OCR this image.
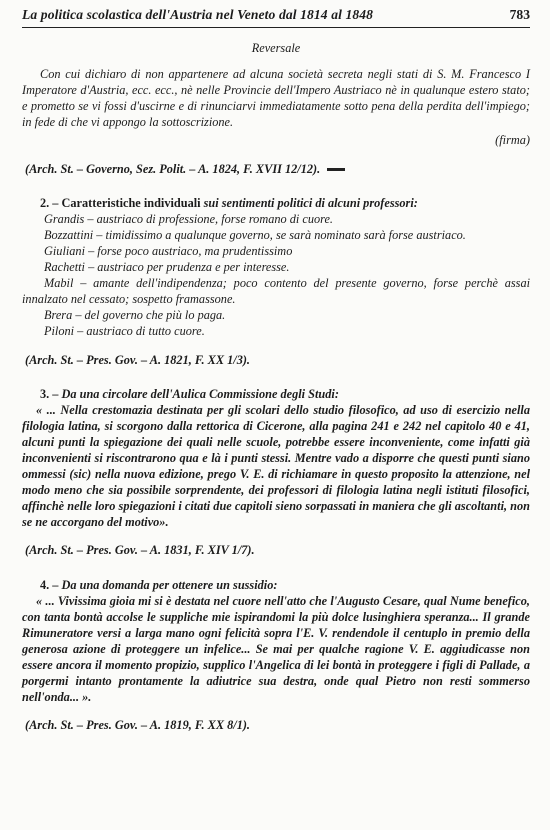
La politica scolastica dell'Austria nel Veneto dal 1814 al 1848	783
Reversale

Con cui dichiaro di non appartenere ad alcuna società secreta negli stati di S. M. Francesco I Imperatore d'Austria, ecc. ecc., nè nelle Provincie dell'Impero Austriaco nè in qualunque estero stato; e prometto se vi fossi d'uscirne e di rinunciarvi immediatamente sotto pena della perdita dell'impiego; in fede di che vi appongo la sottoscrizione.

(firma)

(Arch. St. – Governo, Sez. Polit. – A. 1824, F. XVII 12/12).

2. – Caratteristiche individuali sui sentimenti politici di alcuni professori:

Grandis – austriaco di professione, forse romano di cuore.

Bozzattini – timidissimo a qualunque governo, se sarà nominato sarà forse austriaco.

Giuliani – forse poco austriaco, ma prudentissimo

Rachetti – austriaco per prudenza e per interesse.

Mabil – amante dell'indipendenza; poco contento del presente governo, forse perchè assai innalzato nel cessato; sospetto framassone.

Brera – del governo che più lo paga.

Piloni – austriaco di tutto cuore.

(Arch. St. – Pres. Gov. – A. 1821, F. XX 1/3).

3. – Da una circolare dell'Aulica Commissione degli Studi:

« ... Nella crestomazia destinata per gli scolari dello studio filosofico, ad uso di esercizio nella filologia latina, si scorgono dalla rettorica di Cicerone, alla pagina 241 e 242 nel capitolo 40 e 41, alcuni punti la spiegazione dei quali nelle scuole, potrebbe essere inconveniente, come infatti già inconvenienti si riscontrarono qua e là i punti stessi. Mentre vado a disporre che questi punti siano ommessi (sic) nella nuova edizione, prego V. E. di richiamare in questo proposito la attenzione, nel modo meno che sia possibile sorprendente, dei professori di filologia latina negli istituti filosofici, affinchè nelle loro spiegazioni i citati due capitoli sieno sorpassati in maniera che gli ascoltanti, non se ne accorgano del motivo».

(Arch. St. – Pres. Gov. – A. 1831, F. XIV 1/7).

4. – Da una domanda per ottenere un sussidio:

« ... Vivissima gioia mi si è destata nel cuore nell'atto che l'Augusto Cesare, qual Nume benefico, con tanta bontà accolse le suppliche mie ispirandomi la più dolce lusinghiera speranza... Il grande Rimuneratore versi a larga mano ogni felicità sopra l'E. V. rendendole il centuplo in premio della generosa azione di proteggere un infelice... Se mai per qualche ragione V. E. aggiudicasse non essere ancora il momento propizio, supplico l'Angelica di lei bontà in proteggere i figli di Pallade, a porgermi intanto prontamente la adiutrice sua destra, onde qual Pietro non resti sommerso nell'onda... ».

(Arch. St. – Pres. Gov. – A. 1819, F. XX 8/1).
